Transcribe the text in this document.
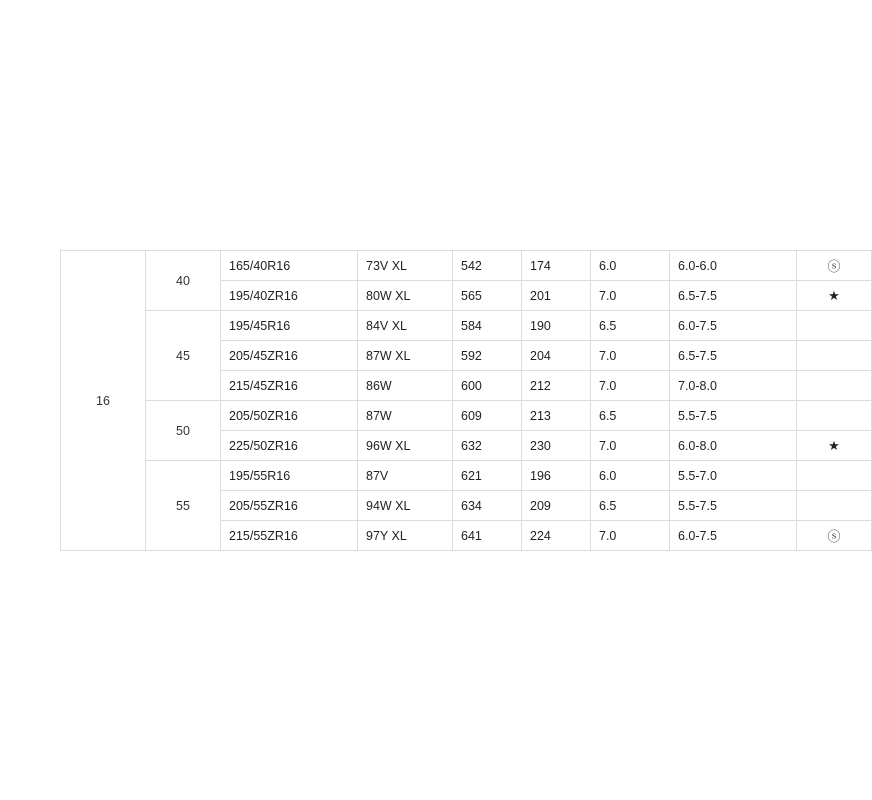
16	40	165/40R16	73V XL	542	174	6.0	6.0-6.0	ⓢ
		195/40ZR16	80W XL	565	201	7.0	6.5-7.5	★
	45	195/45R16	84V XL	584	190	6.5	6.0-7.5	
		205/45ZR16	87W XL	592	204	7.0	6.5-7.5	
		215/45ZR16	86W	600	212	7.0	7.0-8.0	
	50	205/50ZR16	87W	609	213	6.5	5.5-7.5	
		225/50ZR16	96W XL	632	230	7.0	6.0-8.0	★
	55	195/55R16	87V	621	196	6.0	5.5-7.0	
		205/55ZR16	94W XL	634	209	6.5	5.5-7.5	
		215/55ZR16	97Y XL	641	224	7.0	6.0-7.5	ⓢ
